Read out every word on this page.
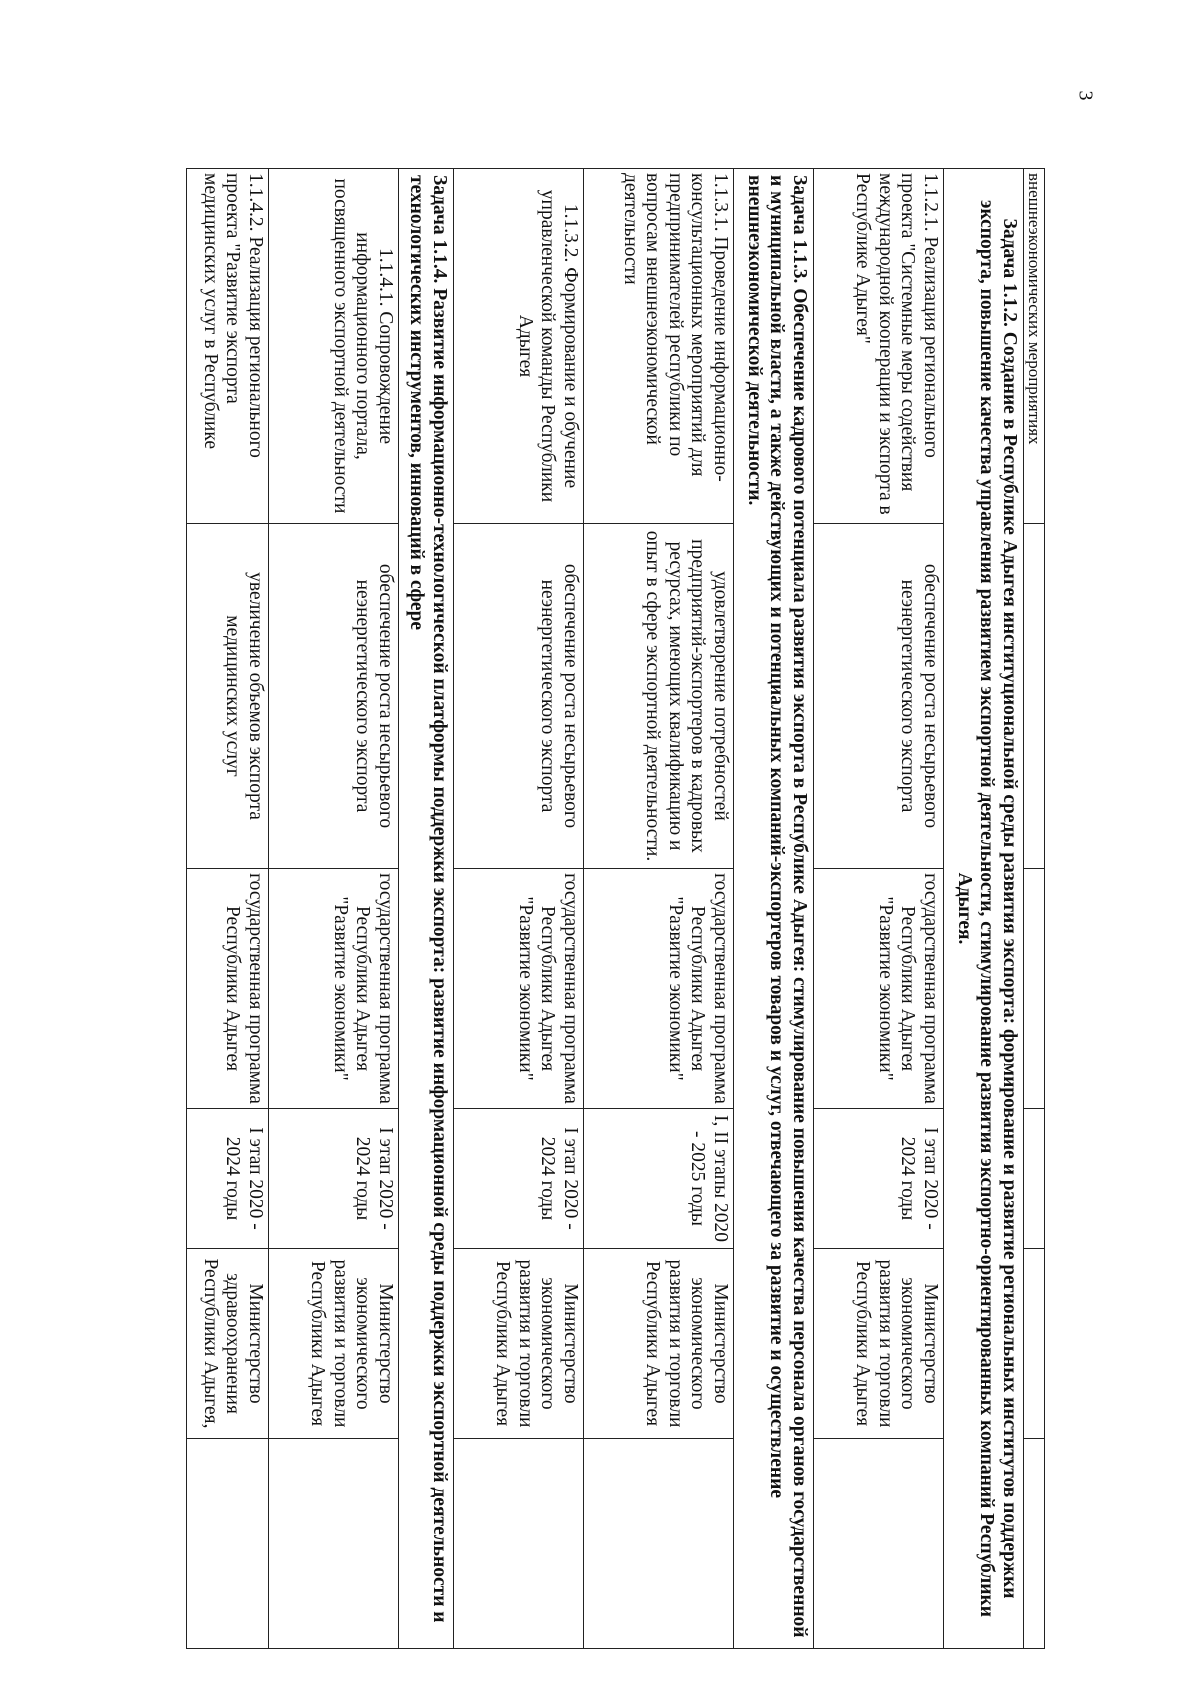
3
внешнеэкономических мероприятиях					
Задача 1.1.2. Создание в Республике Адыгея институциональной среды развития экспорта: формирование и развитие региональных институтов поддержки экспорта, повышение качества управления развитием экспортной деятельности, стимулирование развития экспортно-ориентированных компаний Республики Адыгея.					
1.1.2.1. Реализация регионального проекта "Системные меры содействия международной кооперации и экспорта в Республике Адыгея"	обеспечение роста несырьевого неэнергетического экспорта	государственная программа Республики Адыгея "Развитие экономики"	I этап 2020 - 2024 годы	Министерство экономического развития и торговли Республики Адыгея	
Задача 1.1.3. Обеспечение кадрового потенциала развития экспорта в Республике Адыгея: стимулирование повышения качества персонала органов государственной и муниципальной власти, а также действующих и потенциальных компаний-экспортеров товаров и услуг, отвечающего за развитие и осуществление внешнеэкономической деятельности.					
1.1.3.1. Проведение информационно-консультационных мероприятий для предпринимателей республики по вопросам внешнеэкономической деятельности	удовлетворение потребностей предприятий-экспортеров в кадровых ресурсах, имеющих квалификацию и опыт в сфере экспортной деятельности.	государственная программа Республики Адыгея "Развитие экономики"	I, II этапы 2020 - 2025 годы	Министерство экономического развития и торговли Республики Адыгея	
1.1.3.2. Формирование и обучение управленческой команды Республики Адыгея	обеспечение роста несырьевого неэнергетического экспорта	государственная программа Республики Адыгея "Развитие экономики"	I этап 2020 - 2024 годы	Министерство экономического развития и торговли Республики Адыгея	
Задача 1.1.4. Развитие информационно-технологической платформы поддержки экспорта: развитие информационной среды поддержки экспортной деятельности и технологических инструментов, инноваций в сфере					
1.1.4.1. Сопровождение информационного портала, посвященного экспортной деятельности	обеспечение роста несырьевого неэнергетического экспорта	государственная программа Республики Адыгея "Развитие экономики"	I этап 2020 - 2024 годы	Министерство экономического развития и торговли Республики Адыгея	
1.1.4.2. Реализация регионального проекта "Развитие экспорта медицинских услуг в Республике	увеличение объемов экспорта медицинских услуг	государственная программа Республики Адыгея	I этап 2020 - 2024 годы	Министерство здравоохранения Республики Адыгея,	
